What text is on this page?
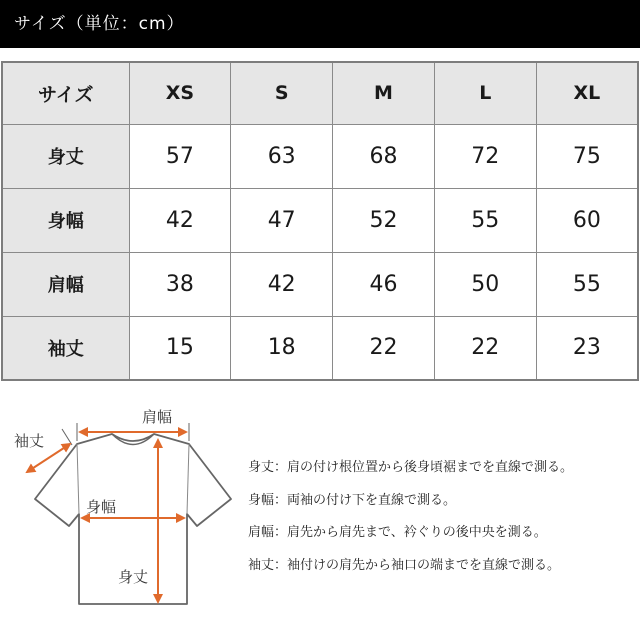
サイズ（単位：cm）
サイズ	XS	S	M	L	XL
身丈	57	63	68	72	75
身幅	42	47	52	55	60
肩幅	38	42	46	50	55
袖丈	15	18	22	22	23
肩幅
袖丈
身幅
身丈
身丈：肩の付け根位置から後身頃裾までを直線で測る。
身幅：両袖の付け下を直線で測る。
肩幅：肩先から肩先まで、衿ぐりの後中央を測る。
袖丈：袖付けの肩先から袖口の端までを直線で測る。
